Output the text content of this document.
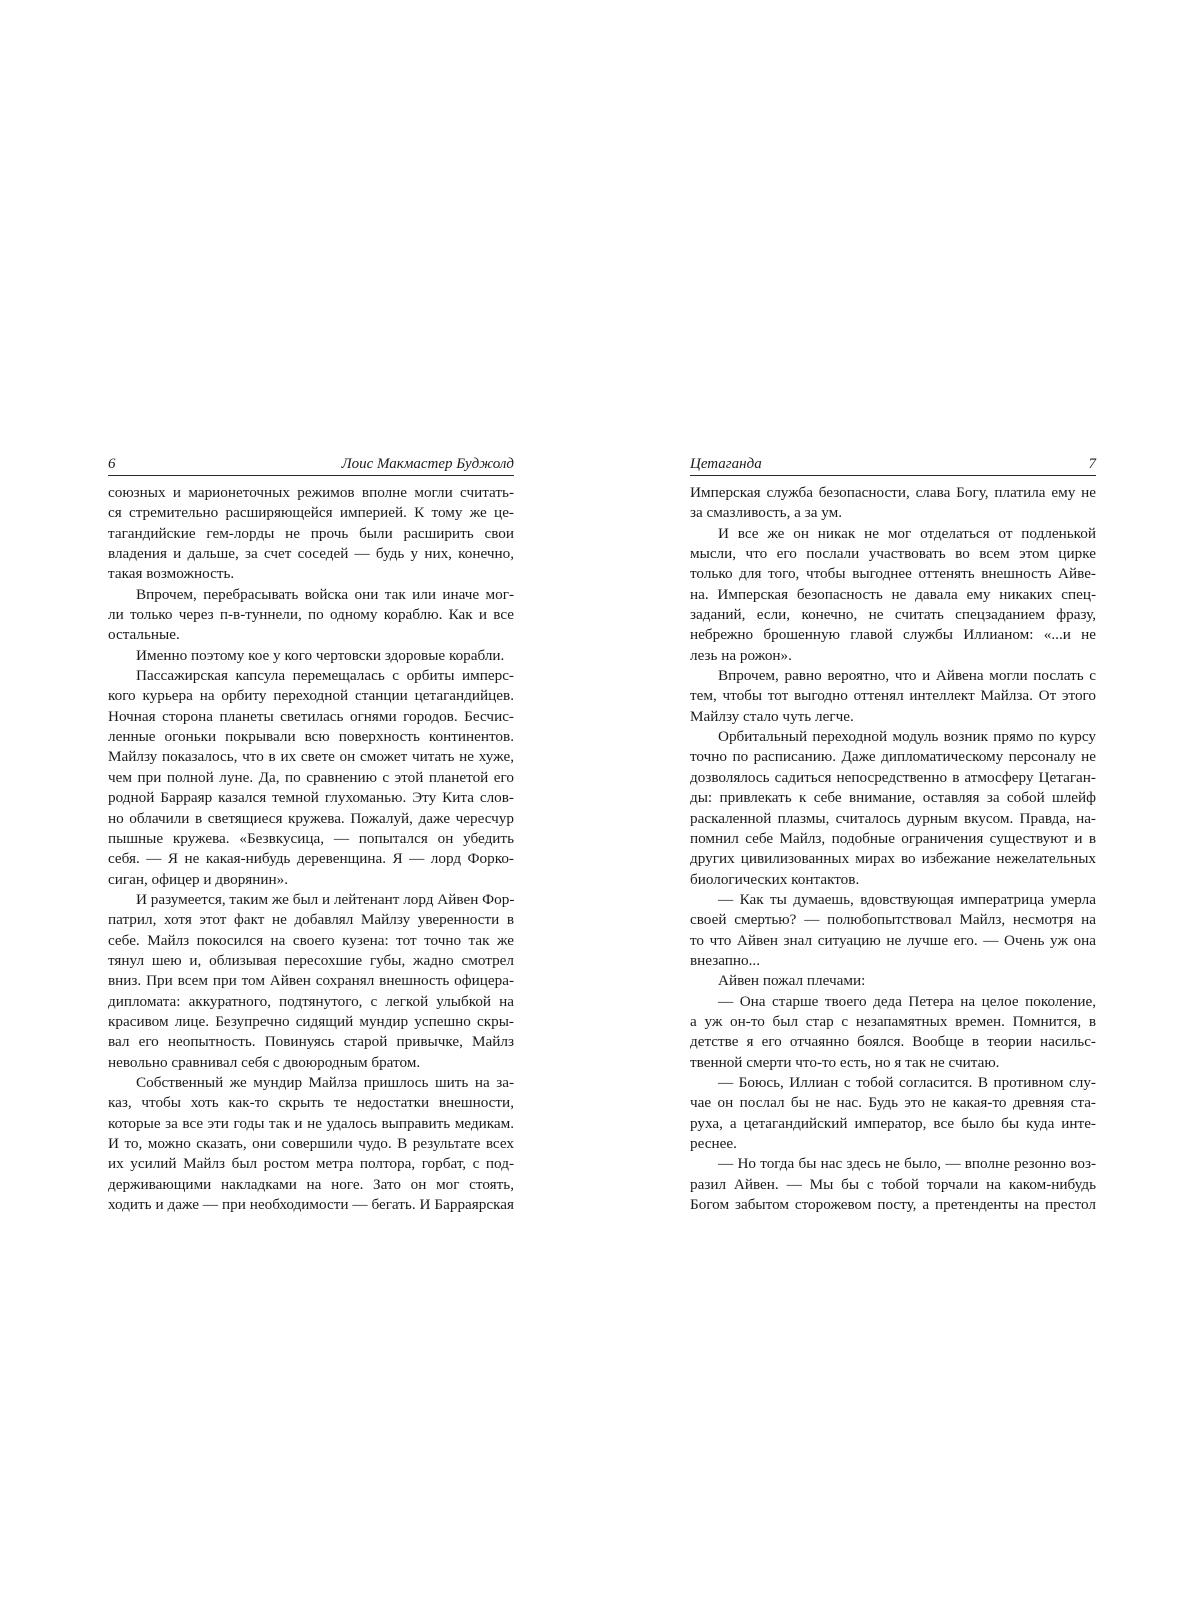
6	Лоис Макмастер Буджолд
союзных и марионеточных режимов вполне могли считать-
ся стремительно расширяющейся империей. К тому же це-
тагандийские гем-лорды не прочь были расширить свои
владения и дальше, за счет соседей — будь у них, конечно,
такая возможность.
Впрочем, перебрасывать войска они так или иначе мог-
ли только через п-в-туннели, по одному кораблю. Как и все
остальные.
Именно поэтому кое у кого чертовски здоровые корабли.
Пассажирская капсула перемещалась с орбиты имперс-
кого курьера на орбиту переходной станции цетагандийцев.
Ночная сторона планеты светилась огнями городов. Бесчис-
ленные огоньки покрывали всю поверхность континентов.
Майлзу показалось, что в их свете он сможет читать не хуже,
чем при полной луне. Да, по сравнению с этой планетой его
родной Барраяр казался темной глухоманью. Эту Кита слов-
но облачили в светящиеся кружева. Пожалуй, даже чересчур
пышные кружева. «Безвкусица, — попытался он убедить
себя. — Я не какая-нибудь деревенщина. Я — лорд Форко-
сиган, офицер и дворянин».
И разумеется, таким же был и лейтенант лорд Айвен Фор-
патрил, хотя этот факт не добавлял Майлзу уверенности в
себе. Майлз покосился на своего кузена: тот точно так же
тянул шею и, облизывая пересохшие губы, жадно смотрел
вниз. При всем при том Айвен сохранял внешность офицера-
дипломата: аккуратного, подтянутого, с легкой улыбкой на
красивом лице. Безупречно сидящий мундир успешно скры-
вал его неопытность. Повинуясь старой привычке, Майлз
невольно сравнивал себя с двоюродным братом.
Собственный же мундир Майлза пришлось шить на за-
каз, чтобы хоть как-то скрыть те недостатки внешности,
которые за все эти годы так и не удалось выправить медикам.
И то, можно сказать, они совершили чудо. В результате всех
их усилий Майлз был ростом метра полтора, горбат, с под-
держивающими накладками на ноге. Зато он мог стоять,
ходить и даже — при необходимости — бегать. И Барраярская
Цетаганда	7
Имперская служба безопасности, слава Богу, платила ему не
за смазливость, а за ум.
И все же он никак не мог отделаться от подленькой
мысли, что его послали участвовать во всем этом цирке
только для того, чтобы выгоднее оттенять внешность Айве-
на. Имперская безопасность не давала ему никаких спец-
заданий, если, конечно, не считать спецзаданием фразу,
небрежно брошенную главой службы Иллианом: «...и не
лезь на рожон».
Впрочем, равно вероятно, что и Айвена могли послать с
тем, чтобы тот выгодно оттенял интеллект Майлза. От этого
Майлзу стало чуть легче.
Орбитальный переходной модуль возник прямо по курсу
точно по расписанию. Даже дипломатическому персоналу не
дозволялось садиться непосредственно в атмосферу Цетаган-
ды: привлекать к себе внимание, оставляя за собой шлейф
раскаленной плазмы, считалось дурным вкусом. Правда, на-
помнил себе Майлз, подобные ограничения существуют и в
других цивилизованных мирах во избежание нежелательных
биологических контактов.
— Как ты думаешь, вдовствующая императрица умерла
своей смертью? — полюбопытствовал Майлз, несмотря на
то что Айвен знал ситуацию не лучше его. — Очень уж она
внезапно...
Айвен пожал плечами:
— Она старше твоего деда Петера на целое поколение,
а уж он-то был стар с незапамятных времен. Помнится, в
детстве я его отчаянно боялся. Вообще в теории насильс-
твенной смерти что-то есть, но я так не считаю.
— Боюсь, Иллиан с тобой согласится. В противном слу-
чае он послал бы не нас. Будь это не какая-то древняя ста-
руха, а цетагандийский император, все было бы куда инте-
реснее.
— Но тогда бы нас здесь не было, — вполне резонно воз-
разил Айвен. — Мы бы с тобой торчали на каком-нибудь
Богом забытом сторожевом посту, а претенденты на престол
